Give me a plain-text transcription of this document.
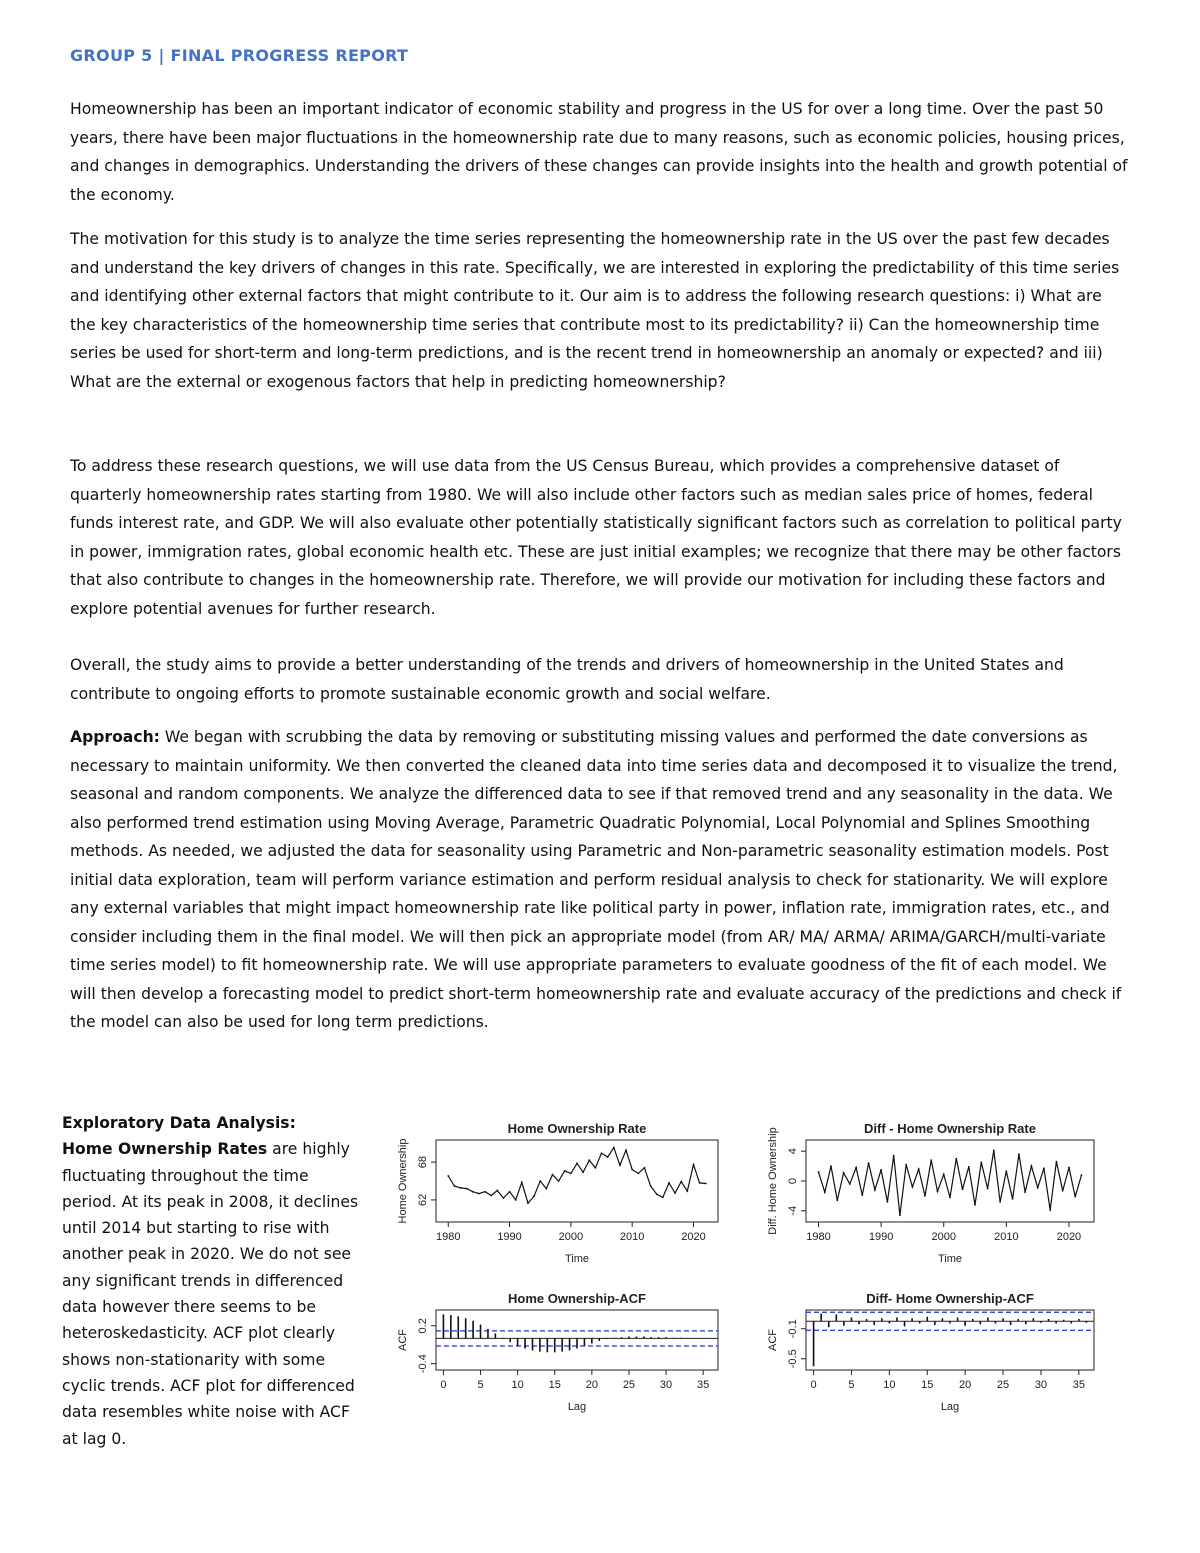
GROUP 5 | FINAL PROGRESS REPORT
Homeownership has been an important indicator of economic stability and progress in the US for over a long time. Over the past 50 years, there have been major fluctuations in the homeownership rate due to many reasons, such as economic policies, housing prices, and changes in demographics. Understanding the drivers of these changes can provide insights into the health and growth potential of the economy.
The motivation for this study is to analyze the time series representing the homeownership rate in the US over the past few decades and understand the key drivers of changes in this rate. Specifically, we are interested in exploring the predictability of this time series and identifying other external factors that might contribute to it. Our aim is to address the following research questions: i) What are the key characteristics of the homeownership time series that contribute most to its predictability? ii) Can the homeownership time series be used for short-term and long-term predictions, and is the recent trend in homeownership an anomaly or expected? and iii) What are the external or exogenous factors that help in predicting homeownership?
To address these research questions, we will use data from the US Census Bureau, which provides a comprehensive dataset of quarterly homeownership rates starting from 1980. We will also include other factors such as median sales price of homes, federal funds interest rate, and GDP. We will also evaluate other potentially statistically significant factors such as correlation to political party in power, immigration rates, global economic health etc. These are just initial examples; we recognize that there may be other factors that also contribute to changes in the homeownership rate. Therefore, we will provide our motivation for including these factors and explore potential avenues for further research.
Overall, the study aims to provide a better understanding of the trends and drivers of homeownership in the United States and contribute to ongoing efforts to promote sustainable economic growth and social welfare.
Approach: We began with scrubbing the data by removing or substituting missing values and performed the date conversions as necessary to maintain uniformity. We then converted the cleaned data into time series data and decomposed it to visualize the trend, seasonal and random components. We analyze the differenced data to see if that removed trend and any seasonality in the data. We also performed trend estimation using Moving Average, Parametric Quadratic Polynomial, Local Polynomial and Splines Smoothing methods. As needed, we adjusted the data for seasonality using Parametric and Non-parametric seasonality estimation models. Post initial data exploration, team will perform variance estimation and perform residual analysis to check for stationarity. We will explore any external variables that might impact homeownership rate like political party in power, inflation rate, immigration rates, etc., and consider including them in the final model. We will then pick an appropriate model (from AR/ MA/ ARMA/ ARIMA/GARCH/multi-variate time series model) to fit homeownership rate. We will use appropriate parameters to evaluate goodness of the fit of each model. We will then develop a forecasting model to predict short-term homeownership rate and evaluate accuracy of the predictions and check if the model can also be used for long term predictions.
Exploratory Data Analysis:
Home Ownership Rates are highly fluctuating throughout the time period. At its peak in 2008, it declines until 2014 but starting to rise with another peak in 2020. We do not see any significant trends in differenced data however there seems to be heteroskedasticity. ACF plot clearly shows non-stationarity with some cyclic trends. ACF plot for differenced data resembles white noise with ACF at lag 0.
Home Ownership Rate
1980	1990	2000	2010	2020
62
68
Time
Home Ownership
Diff - Home Ownership Rate
1980	1990	2000	2010	2020
-4
0
4
Time
Diff. Home Ownership
Home Ownership-ACF
0	5	10 15 20 25 30 35
-0.4
0.2
Lag
ACF
Diff- Home Ownership-ACF
0	5	10 15 20 25 30 35
-0.5
-0.1
Lag
ACF
